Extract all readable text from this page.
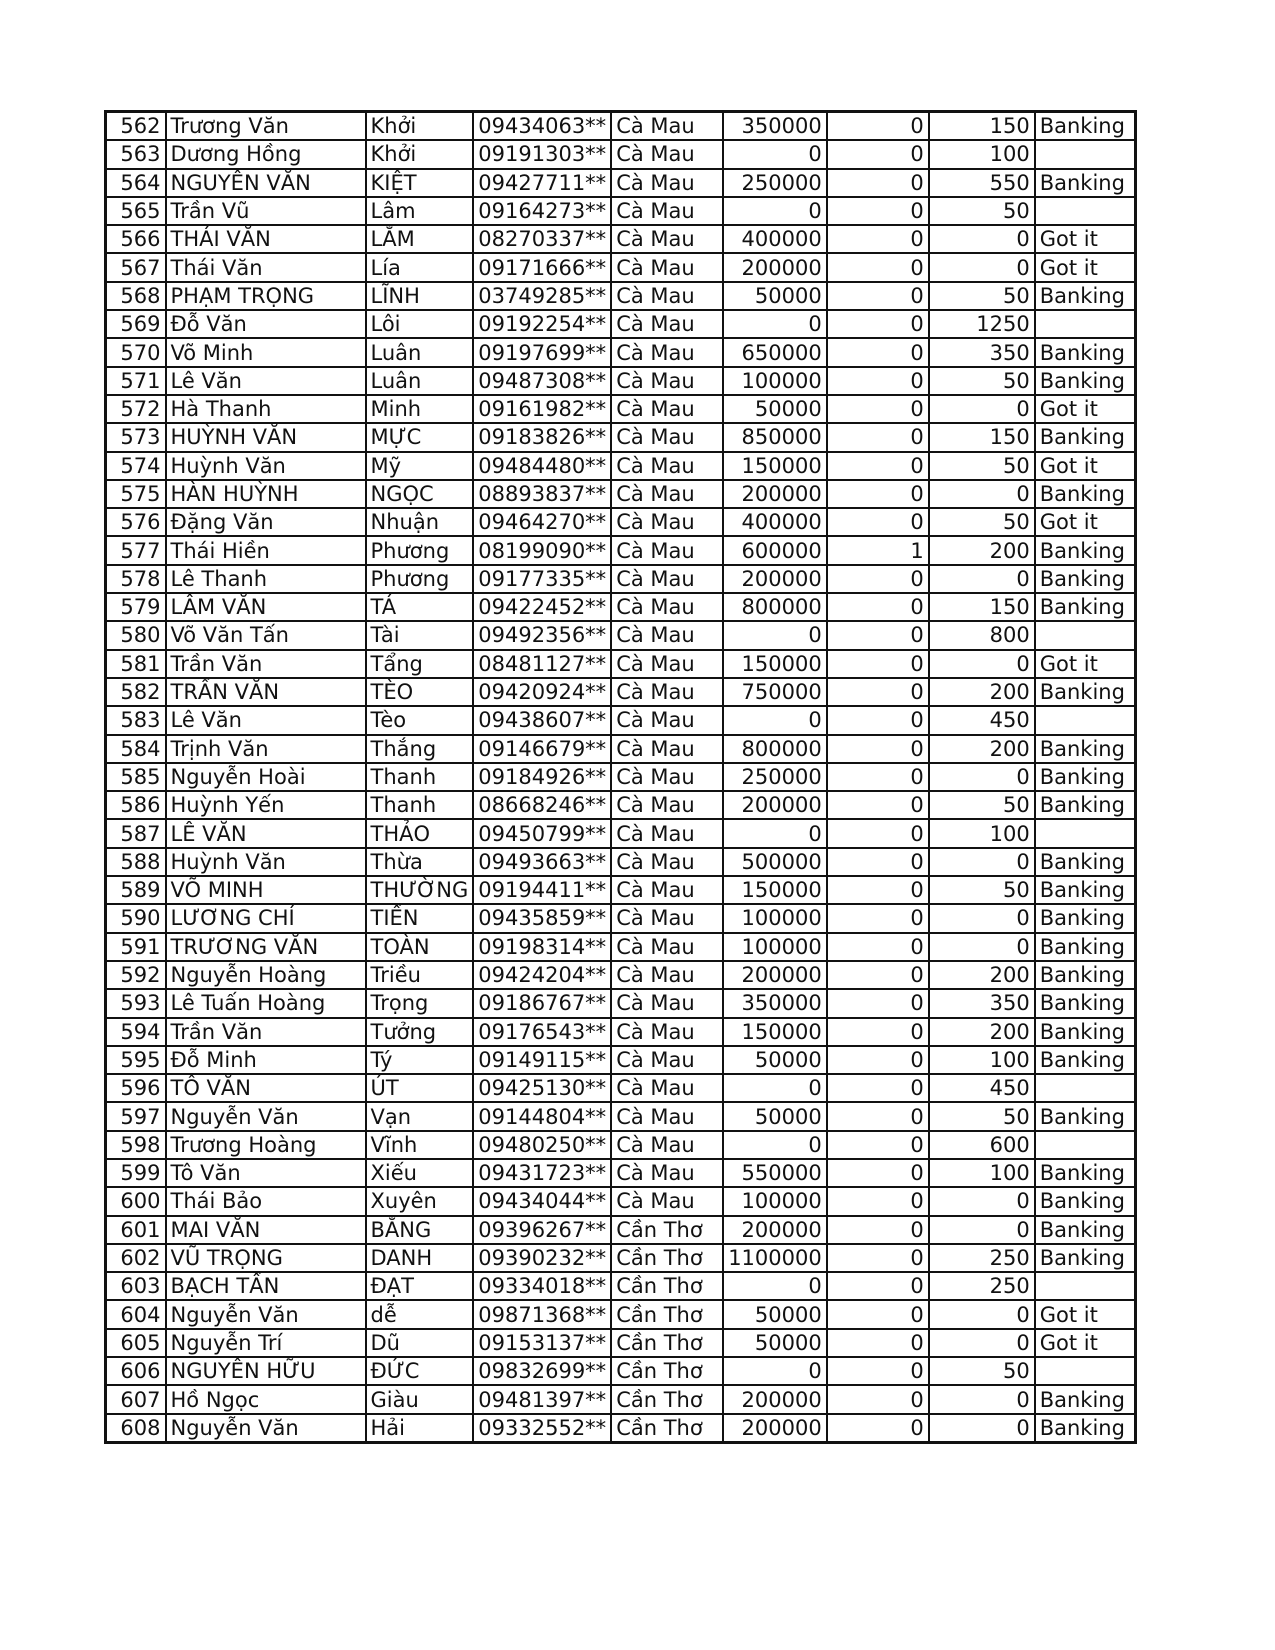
562	Trương Văn	Khởi	09434063**	Cà Mau	350000	0	150	Banking
563	Dương Hồng	Khởi	09191303**	Cà Mau	0	0	100	
564	NGUYỄN VĂN	KIỆT	09427711**	Cà Mau	250000	0	550	Banking
565	Trần Vũ	Lâm	09164273**	Cà Mau	0	0	50	
566	THÁI VĂN	LẮM	08270337**	Cà Mau	400000	0	0	Got it
567	Thái Văn	Lía	09171666**	Cà Mau	200000	0	0	Got it
568	PHẠM TRỌNG	LĨNH	03749285**	Cà Mau	50000	0	50	Banking
569	Đỗ Văn	Lôi	09192254**	Cà Mau	0	0	1250	
570	Võ Minh	Luân	09197699**	Cà Mau	650000	0	350	Banking
571	Lê Văn	Luân	09487308**	Cà Mau	100000	0	50	Banking
572	Hà Thanh	Minh	09161982**	Cà Mau	50000	0	0	Got it
573	HUỲNH VĂN	MỰC	09183826**	Cà Mau	850000	0	150	Banking
574	Huỳnh Văn	Mỹ	09484480**	Cà Mau	150000	0	50	Got it
575	HÀN HUỲNH	NGỌC	08893837**	Cà Mau	200000	0	0	Banking
576	Đặng Văn	Nhuận	09464270**	Cà Mau	400000	0	50	Got it
577	Thái Hiền	Phương	08199090**	Cà Mau	600000	1	200	Banking
578	Lê Thanh	Phương	09177335**	Cà Mau	200000	0	0	Banking
579	LÂM VĂN	TÁ	09422452**	Cà Mau	800000	0	150	Banking
580	Võ Văn Tấn	Tài	09492356**	Cà Mau	0	0	800	
581	Trần Văn	Tẩng	08481127**	Cà Mau	150000	0	0	Got it
582	TRẦN VĂN	TÈO	09420924**	Cà Mau	750000	0	200	Banking
583	Lê Văn	Tèo	09438607**	Cà Mau	0	0	450	
584	Trịnh Văn	Thắng	09146679**	Cà Mau	800000	0	200	Banking
585	Nguyễn Hoài	Thanh	09184926**	Cà Mau	250000	0	0	Banking
586	Huỳnh Yến	Thanh	08668246**	Cà Mau	200000	0	50	Banking
587	LÊ VĂN	THẢO	09450799**	Cà Mau	0	0	100	
588	Huỳnh Văn	Thừa	09493663**	Cà Mau	500000	0	0	Banking
589	VÕ MINH	THƯỜNG	09194411**	Cà Mau	150000	0	50	Banking
590	LƯƠNG CHÍ	TIẾN	09435859**	Cà Mau	100000	0	0	Banking
591	TRƯƠNG VĂN	TOÀN	09198314**	Cà Mau	100000	0	0	Banking
592	Nguyễn Hoàng	Triều	09424204**	Cà Mau	200000	0	200	Banking
593	Lê Tuấn Hoàng	Trọng	09186767**	Cà Mau	350000	0	350	Banking
594	Trần Văn	Tưởng	09176543**	Cà Mau	150000	0	200	Banking
595	Đỗ Minh	Tý	09149115**	Cà Mau	50000	0	100	Banking
596	TÔ VĂN	ÚT	09425130**	Cà Mau	0	0	450	
597	Nguyễn Văn	Vạn	09144804**	Cà Mau	50000	0	50	Banking
598	Trương Hoàng	Vĩnh	09480250**	Cà Mau	0	0	600	
599	Tô Văn	Xiếu	09431723**	Cà Mau	550000	0	100	Banking
600	Thái Bảo	Xuyên	09434044**	Cà Mau	100000	0	0	Banking
601	MAI VĂN	BẰNG	09396267**	Cần Thơ	200000	0	0	Banking
602	VŨ TRỌNG	DANH	09390232**	Cần Thơ	1100000	0	250	Banking
603	BẠCH TẤN	ĐẠT	09334018**	Cần Thơ	0	0	250	
604	Nguyễn Văn	dễ	09871368**	Cần Thơ	50000	0	0	Got it
605	Nguyễn Trí	Dũ	09153137**	Cần Thơ	50000	0	0	Got it
606	NGUYỄN HỮU	ĐỨC	09832699**	Cần Thơ	0	0	50	
607	Hồ Ngọc	Giàu	09481397**	Cần Thơ	200000	0	0	Banking
608	Nguyễn Văn	Hải	09332552**	Cần Thơ	200000	0	0	Banking
